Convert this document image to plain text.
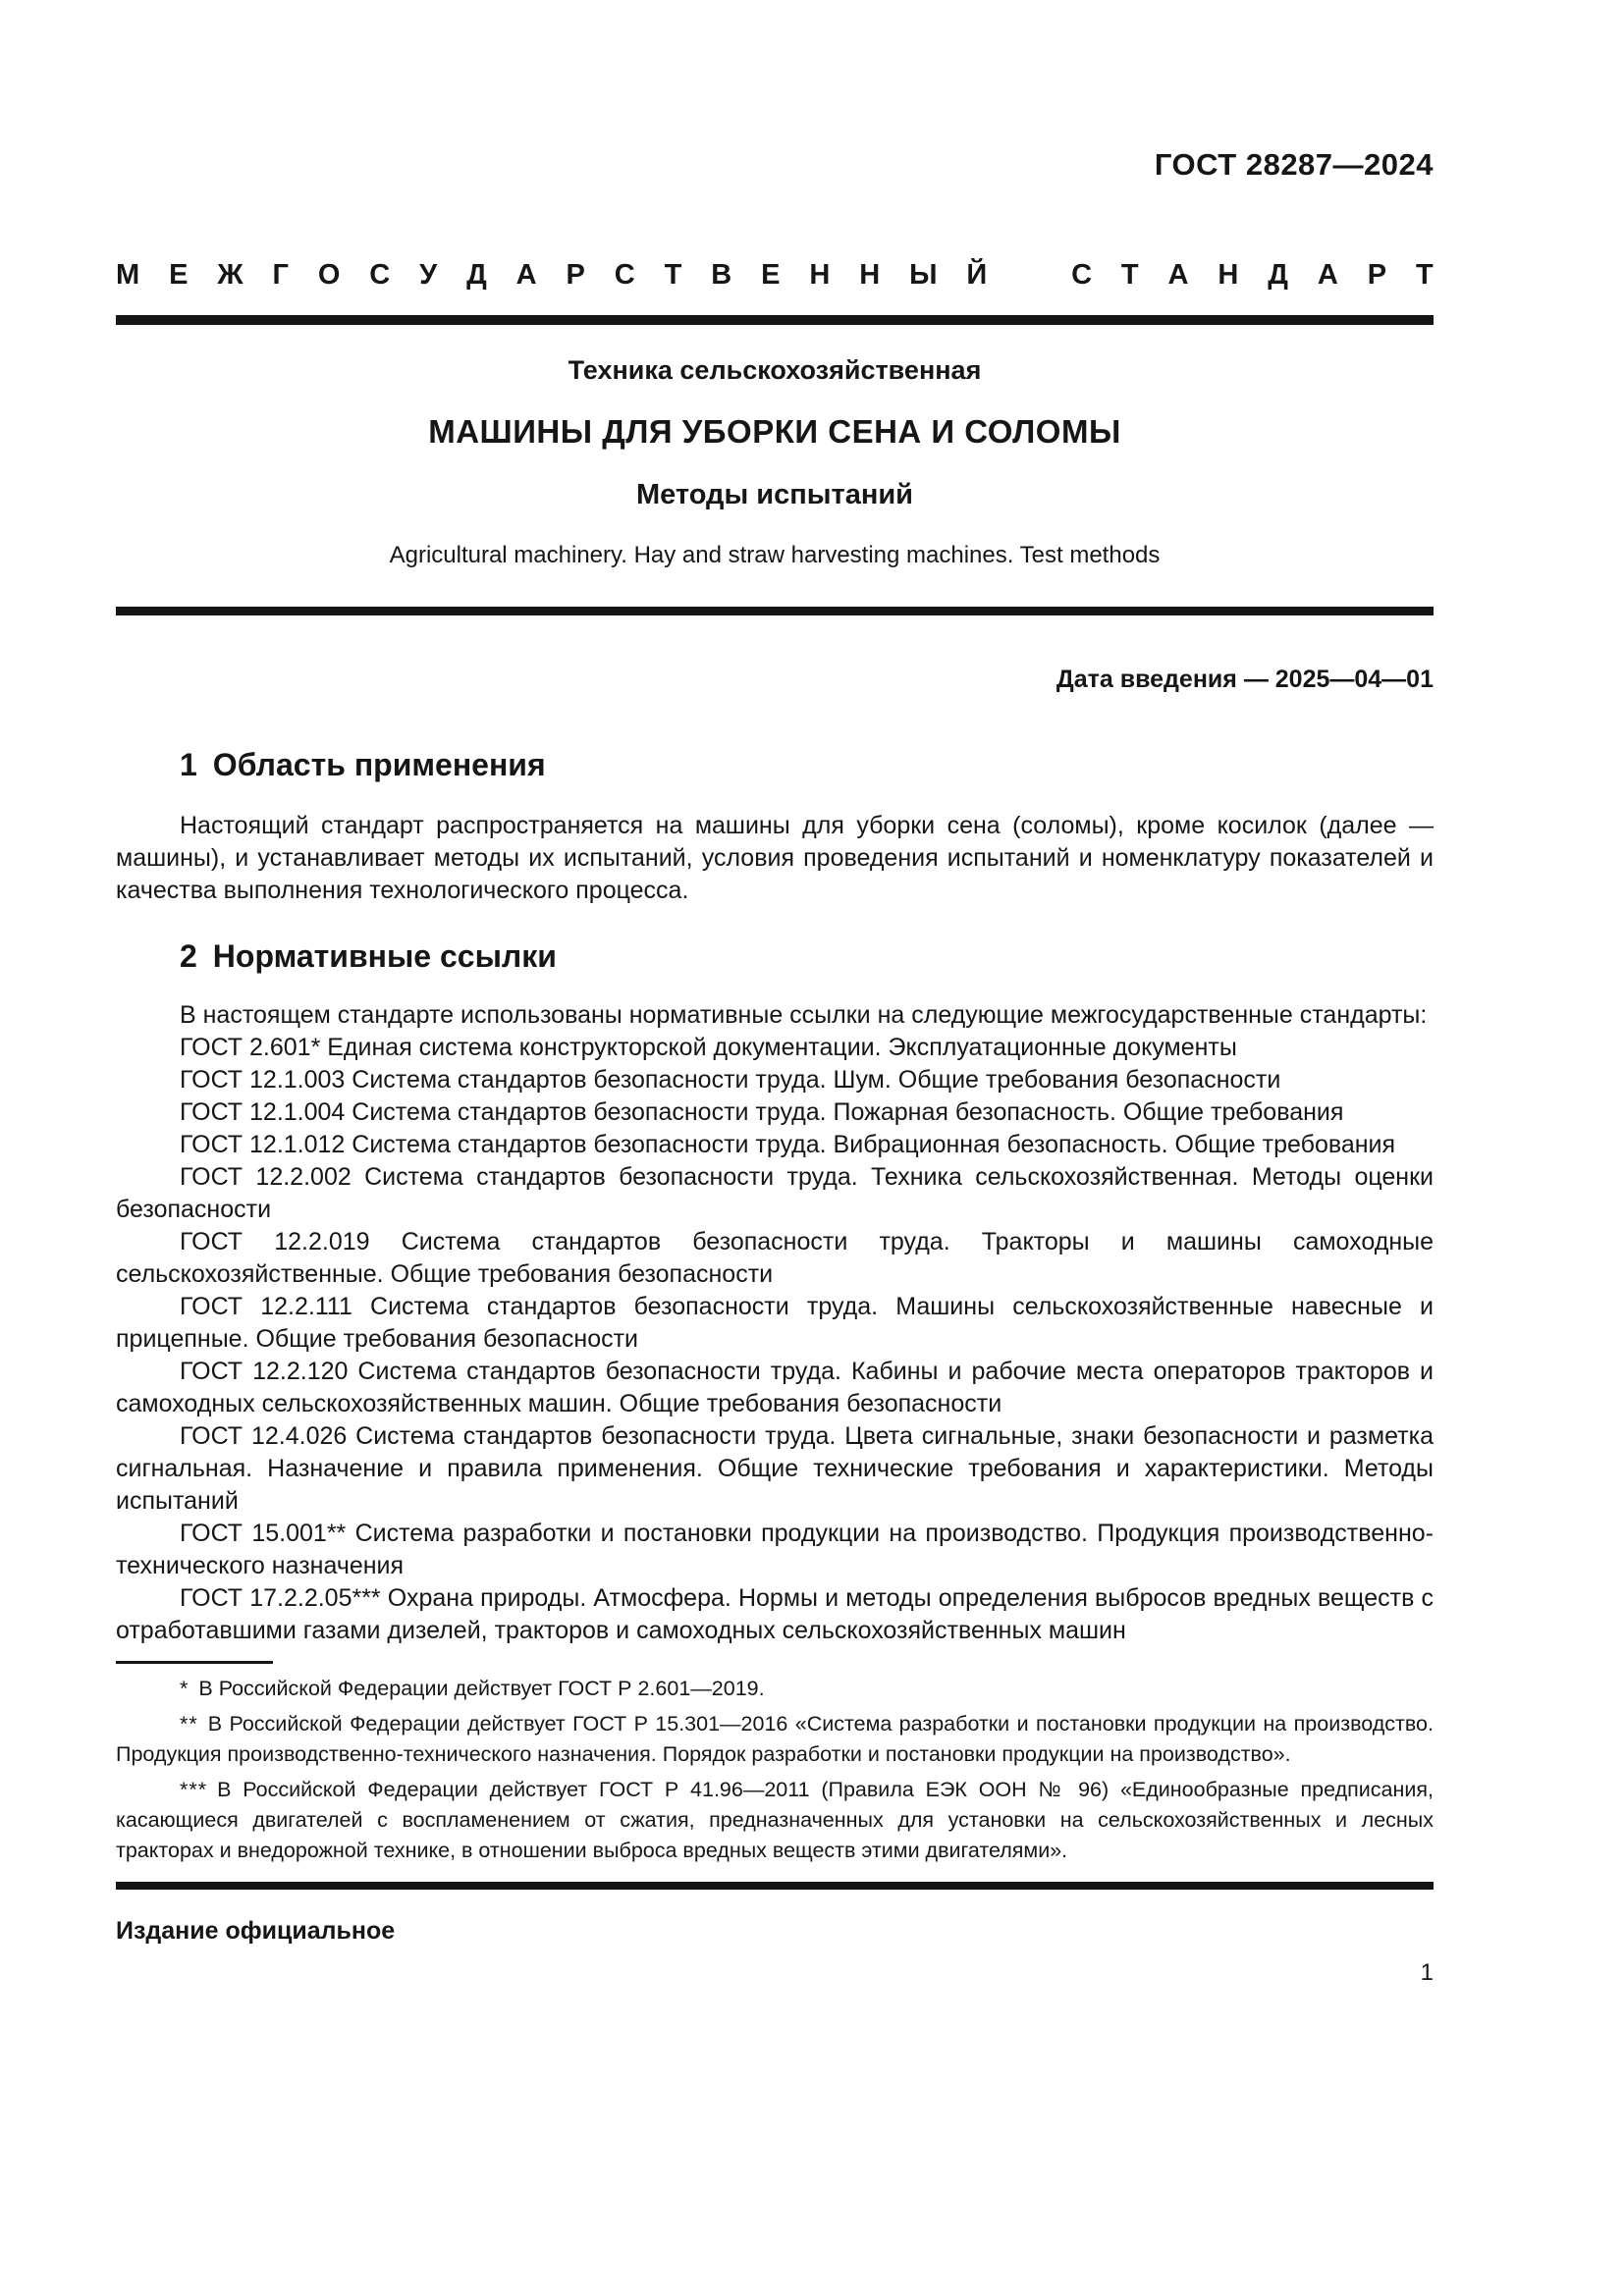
ГОСТ 28287—2024
М Е Ж Г О С У Д А Р С Т В Е Н Н Ы Й	С Т А Н Д А Р Т
Техника сельскохозяйственная
МАШИНЫ ДЛЯ УБОРКИ СЕНА И СОЛОМЫ
Методы испытаний
Agricultural machinery. Hay and straw harvesting machines. Test methods
Дата введения — 2025—04—01
1 Область применения

Настоящий стандарт распространяется на машины для уборки сена (соломы), кроме косилок (далее — машины), и устанавливает методы их испытаний, условия проведения испытаний и номенклатуру показателей и качества выполнения технологического процесса.

2 Нормативные ссылки

В настоящем стандарте использованы нормативные ссылки на следующие межгосударственные стандарты:

ГОСТ 2.601* Единая система конструкторской документации. Эксплуатационные документы

ГОСТ 12.1.003 Система стандартов безопасности труда. Шум. Общие требования безопасности

ГОСТ 12.1.004 Система стандартов безопасности труда. Пожарная безопасность. Общие требования

ГОСТ 12.1.012 Система стандартов безопасности труда. Вибрационная безопасность. Общие требования

ГОСТ 12.2.002 Система стандартов безопасности труда. Техника сельскохозяйственная. Методы оценки безопасности

ГОСТ 12.2.019 Система стандартов безопасности труда. Тракторы и машины самоходные сельскохозяйственные. Общие требования безопасности

ГОСТ 12.2.111 Система стандартов безопасности труда. Машины сельскохозяйственные навесные и прицепные. Общие требования безопасности

ГОСТ 12.2.120 Система стандартов безопасности труда. Кабины и рабочие места операторов тракторов и самоходных сельскохозяйственных машин. Общие требования безопасности

ГОСТ 12.4.026 Система стандартов безопасности труда. Цвета сигнальные, знаки безопасности и разметка сигнальная. Назначение и правила применения. Общие технические требования и характеристики. Методы испытаний

ГОСТ 15.001** Система разработки и постановки продукции на производство. Продукция производственно-технического назначения

ГОСТ 17.2.2.05*** Охрана природы. Атмосфера. Нормы и методы определения выбросов вредных веществ с отработавшими газами дизелей, тракторов и самоходных сельскохозяйственных машин

* В Российской Федерации действует ГОСТ Р 2.601—2019.

** В Российской Федерации действует ГОСТ Р 15.301—2016 «Система разработки и постановки продукции на производство. Продукция производственно-технического назначения. Порядок разработки и постановки продукции на производство».

*** В Российской Федерации действует ГОСТ Р 41.96—2011 (Правила ЕЭК ООН № 96) «Единообразные предписания, касающиеся двигателей с воспламенением от сжатия, предназначенных для установки на сельскохозяйственных и лесных тракторах и внедорожной технике, в отношении выброса вредных веществ этими двигателями».

Издание официальное
1
